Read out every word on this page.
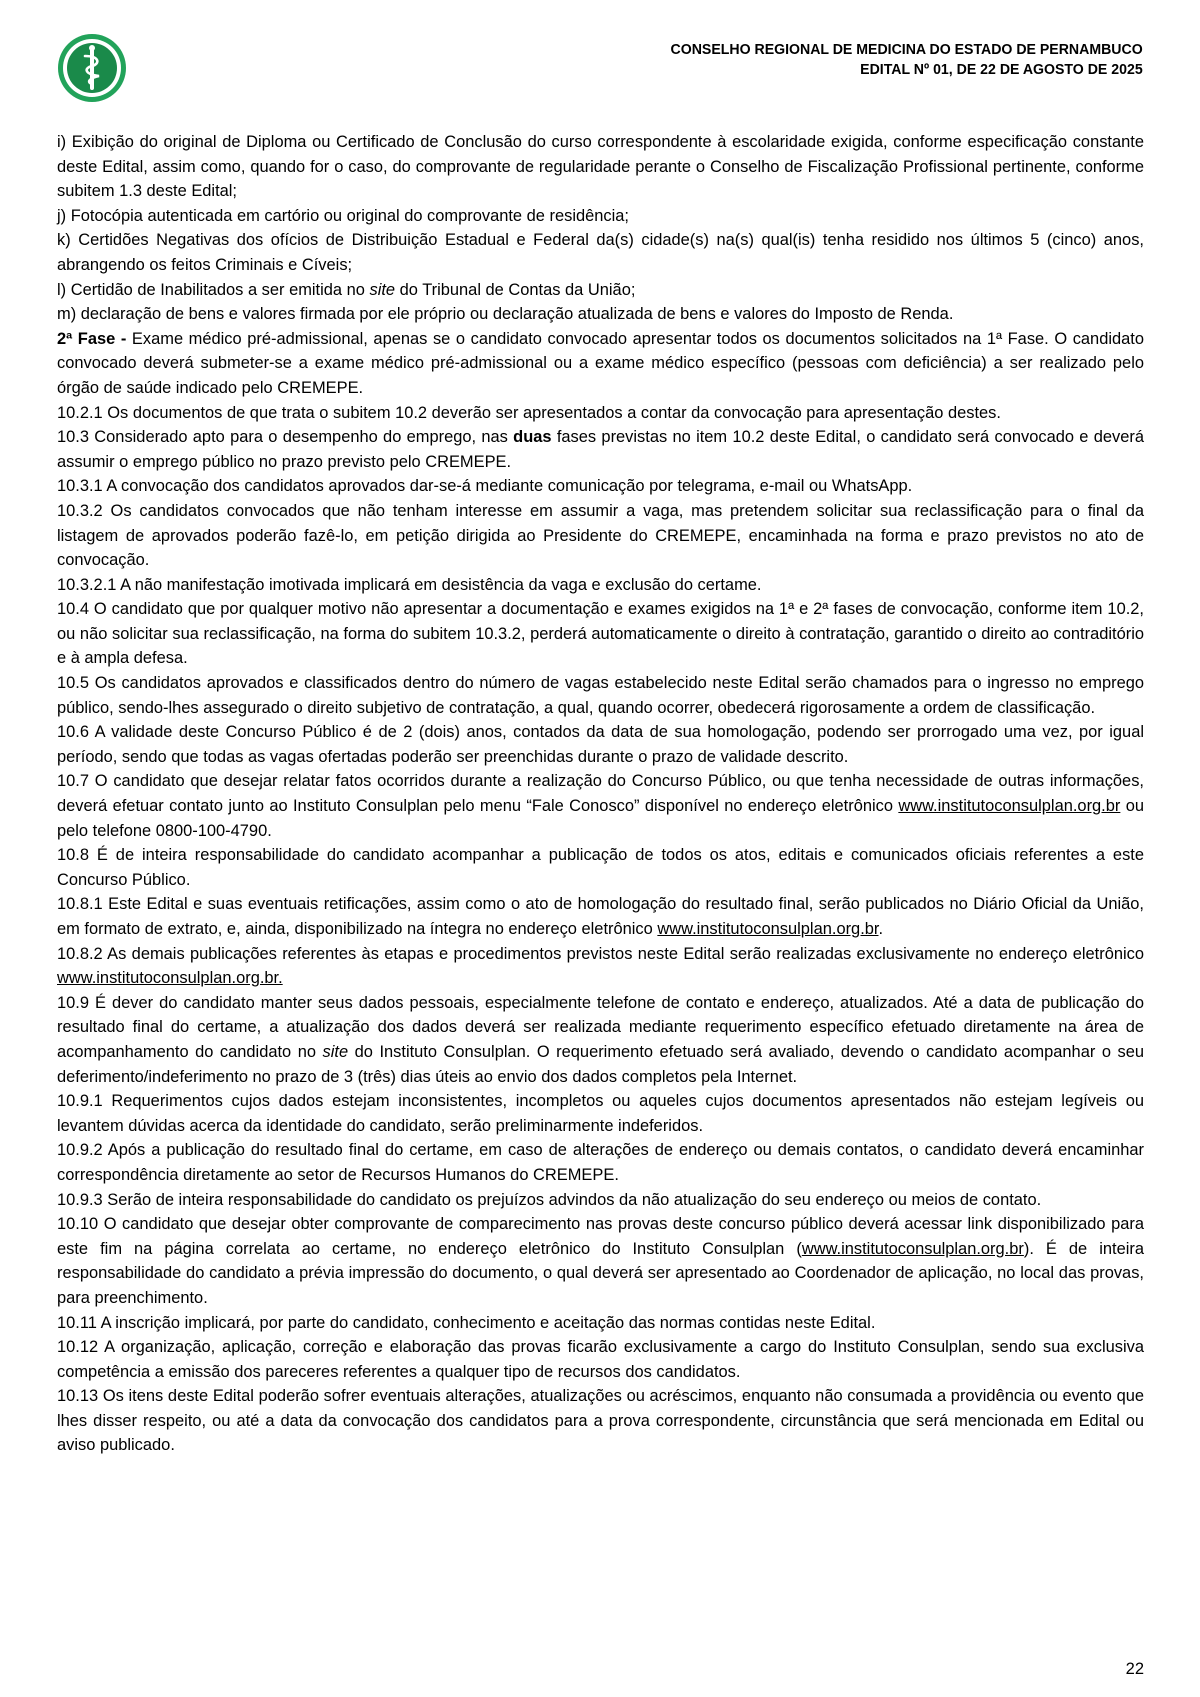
CONSELHO REGIONAL DE MEDICINA DO ESTADO DE PERNAMBUCO
EDITAL Nº 01, DE 22 DE AGOSTO DE 2025

i) Exibição do original de Diploma ou Certificado de Conclusão do curso correspondente à escolaridade exigida, conforme especificação constante deste Edital, assim como, quando for o caso, do comprovante de regularidade perante o Conselho de Fiscalização Profissional pertinente, conforme subitem 1.3 deste Edital;

j) Fotocópia autenticada em cartório ou original do comprovante de residência;

k) Certidões Negativas dos ofícios de Distribuição Estadual e Federal da(s) cidade(s) na(s) qual(is) tenha residido nos últimos 5 (cinco) anos, abrangendo os feitos Criminais e Cíveis;

l) Certidão de Inabilitados a ser emitida no site do Tribunal de Contas da União;

m) declaração de bens e valores firmada por ele próprio ou declaração atualizada de bens e valores do Imposto de Renda.

2ª Fase - Exame médico pré-admissional, apenas se o candidato convocado apresentar todos os documentos solicitados na 1ª Fase. O candidato convocado deverá submeter-se a exame médico pré-admissional ou a exame médico específico (pessoas com deficiência) a ser realizado pelo órgão de saúde indicado pelo CREMEPE.

10.2.1 Os documentos de que trata o subitem 10.2 deverão ser apresentados a contar da convocação para apresentação destes.

10.3 Considerado apto para o desempenho do emprego, nas duas fases previstas no item 10.2 deste Edital, o candidato será convocado e deverá assumir o emprego público no prazo previsto pelo CREMEPE.

10.3.1 A convocação dos candidatos aprovados dar-se-á mediante comunicação por telegrama, e-mail ou WhatsApp.

10.3.2 Os candidatos convocados que não tenham interesse em assumir a vaga, mas pretendem solicitar sua reclassificação para o final da listagem de aprovados poderão fazê-lo, em petição dirigida ao Presidente do CREMEPE, encaminhada na forma e prazo previstos no ato de convocação.

10.3.2.1 A não manifestação imotivada implicará em desistência da vaga e exclusão do certame.

10.4 O candidato que por qualquer motivo não apresentar a documentação e exames exigidos na 1ª e 2ª fases de convocação, conforme item 10.2, ou não solicitar sua reclassificação, na forma do subitem 10.3.2, perderá automaticamente o direito à contratação, garantido o direito ao contraditório e à ampla defesa.

10.5 Os candidatos aprovados e classificados dentro do número de vagas estabelecido neste Edital serão chamados para o ingresso no emprego público, sendo-lhes assegurado o direito subjetivo de contratação, a qual, quando ocorrer, obedecerá rigorosamente a ordem de classificação.

10.6 A validade deste Concurso Público é de 2 (dois) anos, contados da data de sua homologação, podendo ser prorrogado uma vez, por igual período, sendo que todas as vagas ofertadas poderão ser preenchidas durante o prazo de validade descrito.

10.7 O candidato que desejar relatar fatos ocorridos durante a realização do Concurso Público, ou que tenha necessidade de outras informações, deverá efetuar contato junto ao Instituto Consulplan pelo menu “Fale Conosco” disponível no endereço eletrônico www.institutoconsulplan.org.br ou pelo telefone 0800-100-4790.

10.8 É de inteira responsabilidade do candidato acompanhar a publicação de todos os atos, editais e comunicados oficiais referentes a este Concurso Público.

10.8.1 Este Edital e suas eventuais retificações, assim como o ato de homologação do resultado final, serão publicados no Diário Oficial da União, em formato de extrato, e, ainda, disponibilizado na íntegra no endereço eletrônico www.institutoconsulplan.org.br.

10.8.2 As demais publicações referentes às etapas e procedimentos previstos neste Edital serão realizadas exclusivamente no endereço eletrônico www.institutoconsulplan.org.br.

10.9 É dever do candidato manter seus dados pessoais, especialmente telefone de contato e endereço, atualizados. Até a data de publicação do resultado final do certame, a atualização dos dados deverá ser realizada mediante requerimento específico efetuado diretamente na área de acompanhamento do candidato no site do Instituto Consulplan. O requerimento efetuado será avaliado, devendo o candidato acompanhar o seu deferimento/indeferimento no prazo de 3 (três) dias úteis ao envio dos dados completos pela Internet.

10.9.1 Requerimentos cujos dados estejam inconsistentes, incompletos ou aqueles cujos documentos apresentados não estejam legíveis ou levantem dúvidas acerca da identidade do candidato, serão preliminarmente indeferidos.

10.9.2 Após a publicação do resultado final do certame, em caso de alterações de endereço ou demais contatos, o candidato deverá encaminhar correspondência diretamente ao setor de Recursos Humanos do CREMEPE.

10.9.3 Serão de inteira responsabilidade do candidato os prejuízos advindos da não atualização do seu endereço ou meios de contato.

10.10 O candidato que desejar obter comprovante de comparecimento nas provas deste concurso público deverá acessar link disponibilizado para este fim na página correlata ao certame, no endereço eletrônico do Instituto Consulplan (www.institutoconsulplan.org.br). É de inteira responsabilidade do candidato a prévia impressão do documento, o qual deverá ser apresentado ao Coordenador de aplicação, no local das provas, para preenchimento.

10.11 A inscrição implicará, por parte do candidato, conhecimento e aceitação das normas contidas neste Edital.

10.12 A organização, aplicação, correção e elaboração das provas ficarão exclusivamente a cargo do Instituto Consulplan, sendo sua exclusiva competência a emissão dos pareceres referentes a qualquer tipo de recursos dos candidatos.

10.13 Os itens deste Edital poderão sofrer eventuais alterações, atualizações ou acréscimos, enquanto não consumada a providência ou evento que lhes disser respeito, ou até a data da convocação dos candidatos para a prova correspondente, circunstância que será mencionada em Edital ou aviso publicado.

22
